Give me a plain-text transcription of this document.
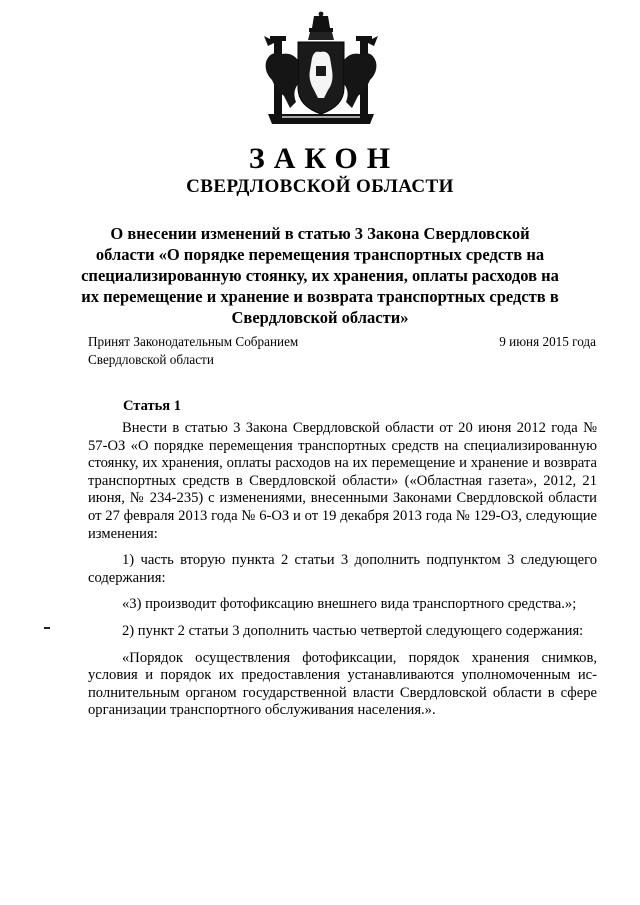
ЗАКОН
СВЕРДЛОВСКОЙ ОБЛАСТИ
О внесении изменений в статью 3 Закона Свердловской области «О порядке перемещения транспортных средств на специализированную стоянку, их хранения, оплаты расходов на их перемещение и хранение и возврата транспортных средств в Свердловской области»
Принят Законодательным Собранием
Свердловской области
9 июня 2015 года
Статья 1

Внести в статью 3 Закона Свердловской области от 20 июня 2012 года № 57-ОЗ «О порядке перемещения транспортных средств на специализированную стоянку, их хранения, оплаты расходов на их перемещение и хранение и возврата транспортных средств в Свердловской области» («Областная газета», 2012, 21 июня, № 234-235) с изменениями, внесенными Законами Свердловской области от 27 февраля 2013 года № 6-ОЗ и от 19 декабря 2013 года № 129-ОЗ, следующие изменения:

1) часть вторую пункта 2 статьи 3 дополнить подпунктом 3 следующего содержания:

«3) производит фотофиксацию внешнего вида транспортного средства.»;

2) пункт 2 статьи 3 дополнить частью четвертой следующего содержания:

«Порядок осуществления фотофиксации, порядок хранения снимков, условия и порядок их предоставления устанавливаются уполномоченным исполнительным органом государственной власти Свердловской области в сфере организации транспортного обслуживания населения.».
